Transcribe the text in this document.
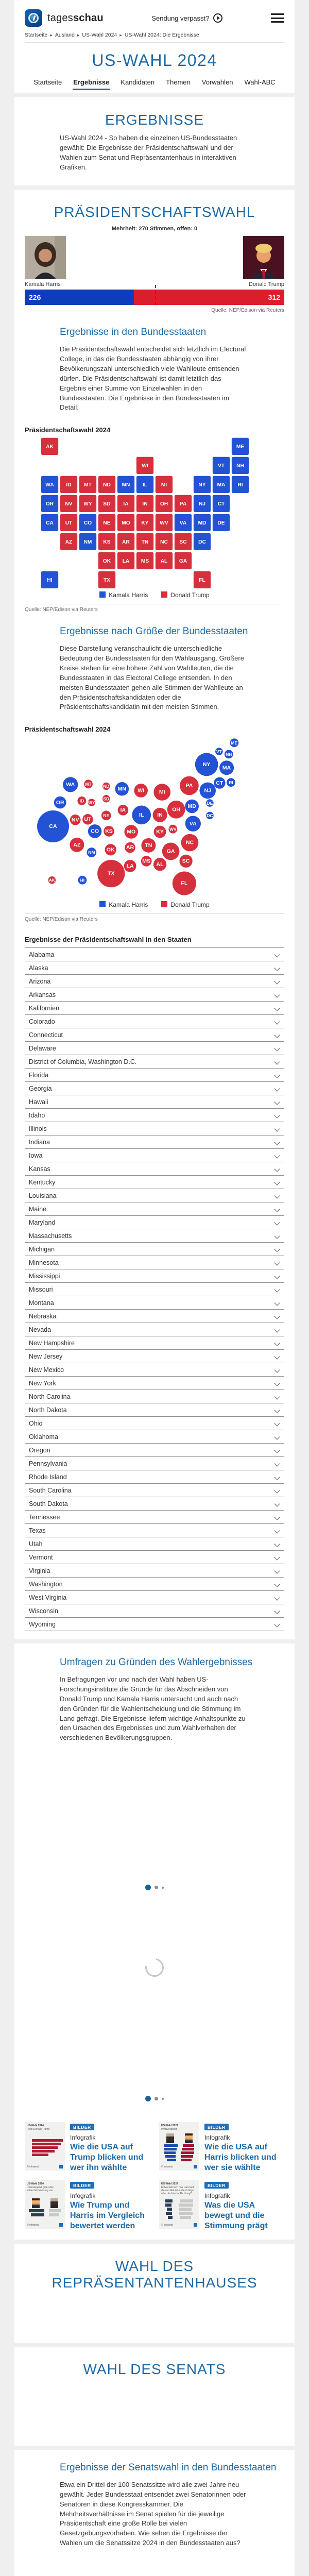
tagesschau	Sendung verpasst?
Startseite ▸ Ausland ▸ US-Wahl 2024 ▸ US-Wahl 2024: Die Ergebnisse
US-WAHL 2024
Startseite Ergebnisse Kandidaten Themen Vorwahlen Wahl-ABC
ERGEBNISSE

US-Wahl 2024 - So haben die einzelnen US-Bundesstaaten gewählt: Die Ergebnisse der Präsidentschaftswahl und der Wahlen zum Senat und Repräsentantenhaus in interaktiven Grafiken.

PRÄSIDENTSCHAFTSWAHL
Mehrheit: 270 Stimmen, offen: 0
Kamala Harris	Donald Trump
226	312
Quelle: NEP/Edison via Reuters
Ergebnisse in den Bundesstaaten

Die Präsidentschaftswahl entscheidet sich letztlich im Electoral College, in das die Bundesstaaten abhängig von ihrer Bevölkerungszahl unterschiedlich viele Wahlleute entsenden dürfen. Die Präsidentschaftswahl ist damit letztlich das Ergebnis einer Summe von Einzelwahlen in den Bundesstaaten. Die Ergebnisse in den Bundesstaaten im Detail.

Präsidentschaftswahl 2024
AL
AK
AZ	AR
CA	CO
CT
DE
DC
FL
GA
HI
ID	IL
IN
IA
KS
KY
LA
ME
MD
MA
MI
MN
MS
MO
MT
NE
NV
NH
NJ
NM
NY
NC
ND
OH
OK
OR	PA
RI
SC
SD
TN
TX
UT
VT
VA
WA
WV
WI
WY
Kamala Harris	Donald Trump
Quelle: NEP/Edison via Reuters
Ergebnisse nach Größe der Bundesstaaten

Diese Darstellung veranschaulicht die unterschiedliche Bedeutung der Bundesstaaten für den Wahlausgang. Größere Kreise stehen für eine höhere Zahl von Wahlleuten, die die Bundesstaaten in das Electoral College entsenden. In den meisten Bundesstaaten gehen alle Stimmen der Wahlleute an den Präsidentschaftskandidaten oder die Präsidentschaftskandidatin mit den meisten Stimmen.

Präsidentschaftswahl 2024
AL
AK
AZ	AR
CA
CO
CT
DE
DC
FL
GA
HI
ID
IL	IN
IA
KS	KY
LA
ME
MD
MA
MI
MN
MS
MO
MT
NE
NV
NH
NJ
NM
NY
NC
ND
OH
OK
OR
PA
RI
SC
SD
TN
TX
UT
VT
VA
WA
WV
WI
WY
Kamala Harris	Donald Trump
Quelle: NEP/Edison via Reuters
Ergebnisse der Präsidentschaftswahl in den Staaten
Alabama
Alaska
Arizona
Arkansas
Kalifornien
Colorado
Connecticut
Delaware
District of Columbia, Washington D.C.
Florida
Georgia
Hawaii
Idaho
Illinois
Indiana
Iowa
Kansas
Kentucky
Louisiana
Maine
Maryland
Massachusetts
Michigan
Minnesota
Mississippi
Missouri
Montana
Nebraska
Nevada
New Hampshire
New Jersey
New Mexico
New York
North Carolina
North Dakota
Ohio
Oklahoma
Oregon
Pennsylvania
Rhode Island
South Carolina
South Dakota
Tennessee
Texas
Utah
Vermont
Virginia
Washington
West Virginia
Wisconsin
Wyoming
Umfragen zu Gründen des Wahlergebnisses

In Befragungen vor und nach der Wahl haben US-Forschungsinstitute die Gründe für das Abschneiden von Donald Trump und Kamala Harris untersucht und auch nach den Gründen für die Wahlentscheidung und die Stimmung im Land gefragt. Die Ergebnisse liefern wichtige Anhaltspunkte zu den Ursachen des Ergebnisses und zum Wahlverhalten der verschiedenen Bevölkerungsgruppen.

US-Wahl 2024
Profil Donald Trump
© infratest
BILDER
Infografik
Wie die USA auf Trump blicken und wer ihn wählte
US-Wahl 2024
Profilvergleich
© infratest
BILDER
Infografik
Wie die USA auf Harris blicken und wer sie wählte
US-Wahl 2024
Überwiegend gute oder schlechte Meinung von ...
© infratest
BILDER
Infografik
Wie Trump und Harris im Vergleich bewertet werden
US-Wahl 2024
Entwickelt sich das Land auf diesem Gebiet in die richtige oder die falsche Richtung?
© infratest
BILDER
Infografik
Was die USA bewegt und die Stimmung prägt
WAHL DES REPRÄSENTANTENHAUSES
WAHL DES SENATS
Ergebnisse der Senatswahl in den Bundesstaaten

Etwa ein Drittel der 100 Senatssitze wird alle zwei Jahre neu gewählt. Jeder Bundesstaat entsendet zwei Senatorinnen oder Senatoren in diese Kongresskammer. Die Mehrheitsverhältnisse im Senat spielen für die jeweilige Präsidentschaft eine große Rolle bei vielen Gesetzgebungsvorhaben. Wie sehen die Ergebnisse der Wahlen um die Senatssitze 2024 in den Bundesstaaten aus?
